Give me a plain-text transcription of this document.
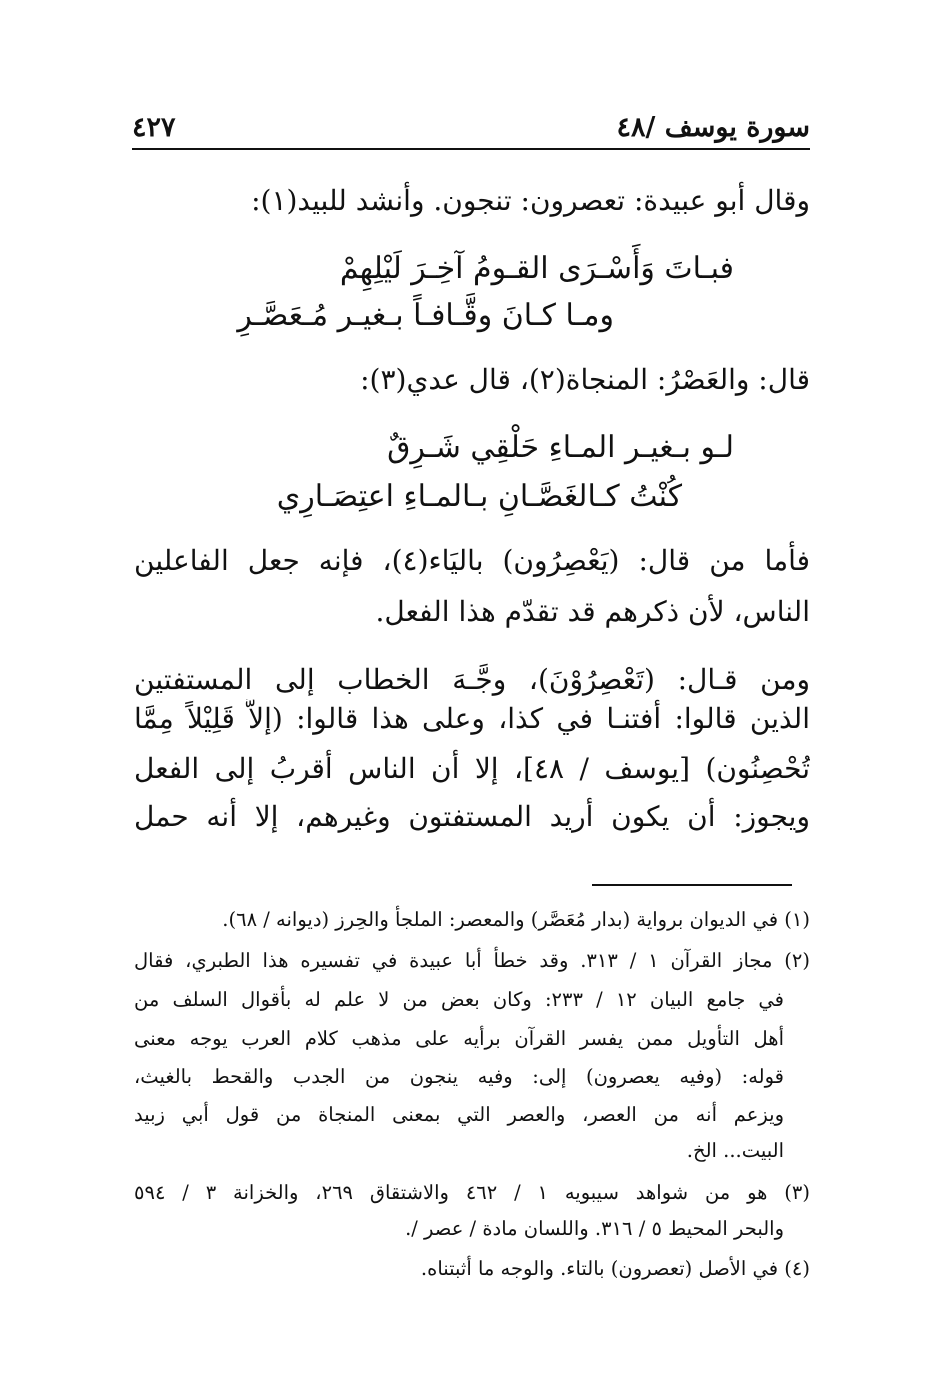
سورة يوسف /٤٨
٤٢٧
وقال أبو عبيدة: تعصرون: تنجون. وأنشد للبيد(١):
فبـاتَ وَأَسْـرَى القـومُ آخِـرَ لَيْلِهِمْ
ومـا كـانَ وقَّـافـاً بـغيـر مُـعَصَّـرِ
قال: والعَصْرُ: المنجاة(٢)، قال عدي(٣):
لـو بـغيـر المـاءِ حَلْقِي شَـرِقٌ
كُنْتُ كـالغَصَّـانِ بـالمـاءِ اعتِصَـارِي
فأما من قال: (يَعْصِرُون) باليَاء(٤)، فإنه جعل الفاعلين
الناس، لأن ذكرهم قد تقدّم هذا الفعل.
ومن قـال: (تَعْصِرُوْنَ)، وجَّـهَ الخطاب إلى المستفتين
الذين قالوا: أفتنـا في كذا، وعلى هذا قالوا: (إلاَّ قَلِيْلاً مِمَّا
تُحْصِنُون) [يوسف / ٤٨]، إلا أن الناس أقربُ إلى الفعل
ويجوز: أن يكون أريد المستفتون وغيرهم، إلا أنه حمل
(١) في الديوان برواية (بدار مُعَصَّر) والمعصر: الملجأ والحِرز (ديوانه / ٦٨).
(٢) مجاز القرآن ١ / ٣١٣. وقد خطأ أبا عبيدة في تفسيره هذا الطبري، فقال
في جامع البيان ١٢ / ٢٣٣: وكان بعض من لا علم له بأقوال السلف من
أهل التأويل ممن يفسر القرآن برأيه على مذهب كلام العرب يوجه معنى
قوله: (وفيه يعصرون) إلى: وفيه ينجون من الجدب والقحط بالغيث،
ويزعم أنه من العصر، والعصر التي بمعنى المنجاة من قول أبي زبيد
البيت... الخ.
(٣) هو من شواهد سيبويه ١ / ٤٦٢ والاشتقاق ٢٦٩، والخزانة ٣ / ٥٩٤
والبحر المحيط ٥ / ٣١٦. واللسان مادة / عصر /.
(٤) في الأصل (تعصرون) بالتاء. والوجه ما أثبتناه.
